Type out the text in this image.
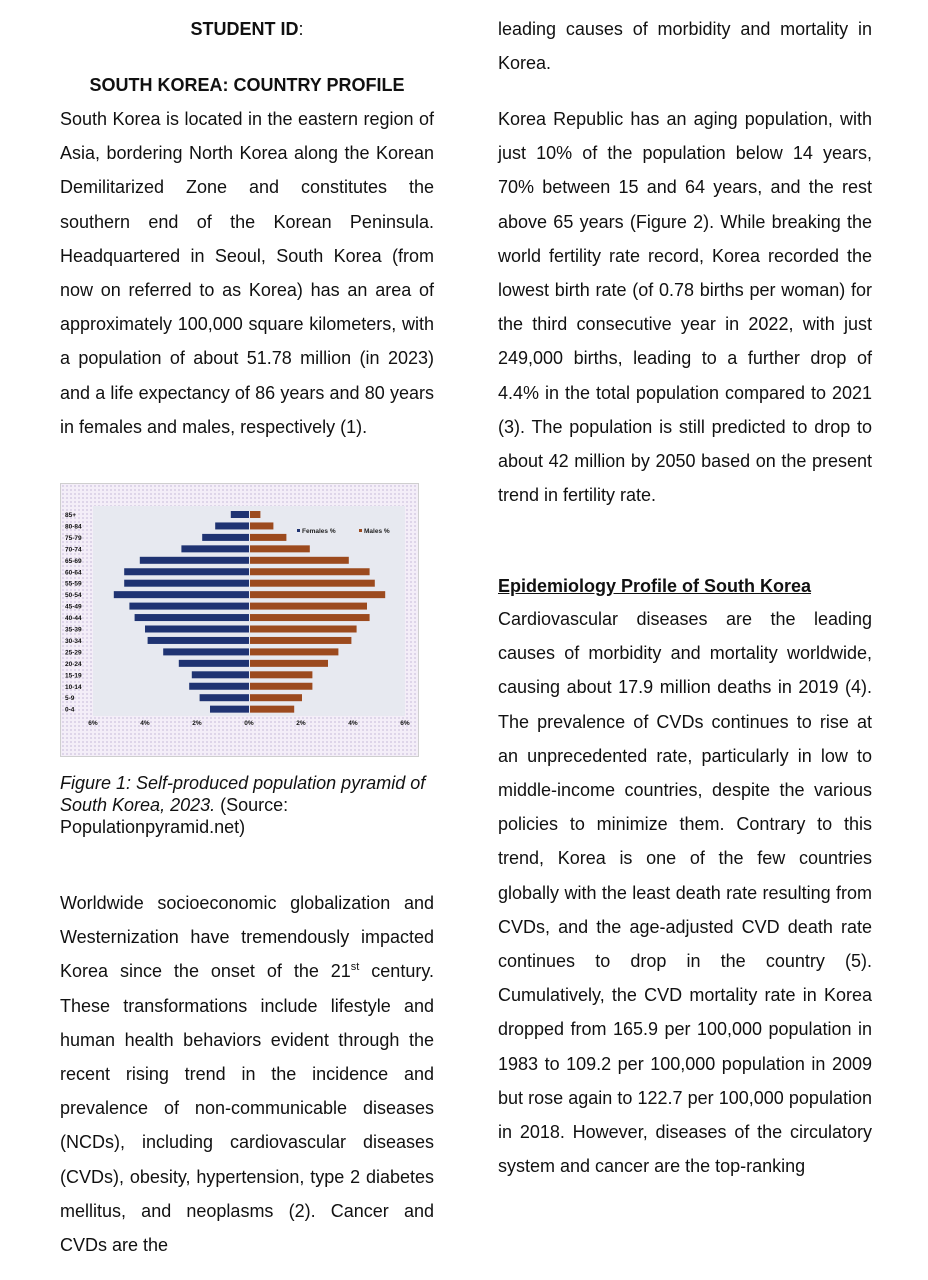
STUDENT ID:
SOUTH KOREA: COUNTRY PROFILE

South Korea is located in the eastern region of Asia, bordering North Korea along the Korean Demilitarized Zone and constitutes the southern end of the Korean Peninsula. Headquartered in Seoul, South Korea (from now on referred to as Korea) has an area of approximately 100,000 square kilometers, with a population of about 51.78 million (in 2023) and a life expectancy of 86 years and 80 years in females and males, respectively (1).

85+
80-84
75-79
70-74
65-69
60-64
55-59
50-54
45-49
40-44
35-39
30-34
25-29
20-24
15-19
10-14
5-9
0-4
6%	4%	2%	0%	2%	4%	6%
Females %	Males %

Figure 1: Self-produced population pyramid of South Korea, 2023. (Source: Populationpyramid.net)

Worldwide socioeconomic globalization and Westernization have tremendously impacted Korea since the onset of the 21st century. These transformations include lifestyle and human health behaviors evident through the recent rising trend in the incidence and prevalence of non-communicable diseases (NCDs), including cardiovascular diseases (CVDs), obesity, hypertension, type 2 diabetes mellitus, and neoplasms (2). Cancer and CVDs are the

leading causes of morbidity and mortality in Korea.

Korea Republic has an aging population, with just 10% of the population below 14 years, 70% between 15 and 64 years, and the rest above 65 years (Figure 2). While breaking the world fertility rate record, Korea recorded the lowest birth rate (of 0.78 births per woman) for the third consecutive year in 2022, with just 249,000 births, leading to a further drop of 4.4% in the total population compared to 2021 (3). The population is still predicted to drop to about 42 million by 2050 based on the present trend in fertility rate.

Epidemiology Profile of South Korea

Cardiovascular diseases are the leading causes of morbidity and mortality worldwide, causing about 17.9 million deaths in 2019 (4). The prevalence of CVDs continues to rise at an unprecedented rate, particularly in low to middle-income countries, despite the various policies to minimize them. Contrary to this trend, Korea is one of the few countries globally with the least death rate resulting from CVDs, and the age-adjusted CVD death rate continues to drop in the country (5). Cumulatively, the CVD mortality rate in Korea dropped from 165.9 per 100,000 population in 1983 to 109.2 per 100,000 population in 2009 but rose again to 122.7 per 100,000 population in 2018. However, diseases of the circulatory system and cancer are the top-ranking
